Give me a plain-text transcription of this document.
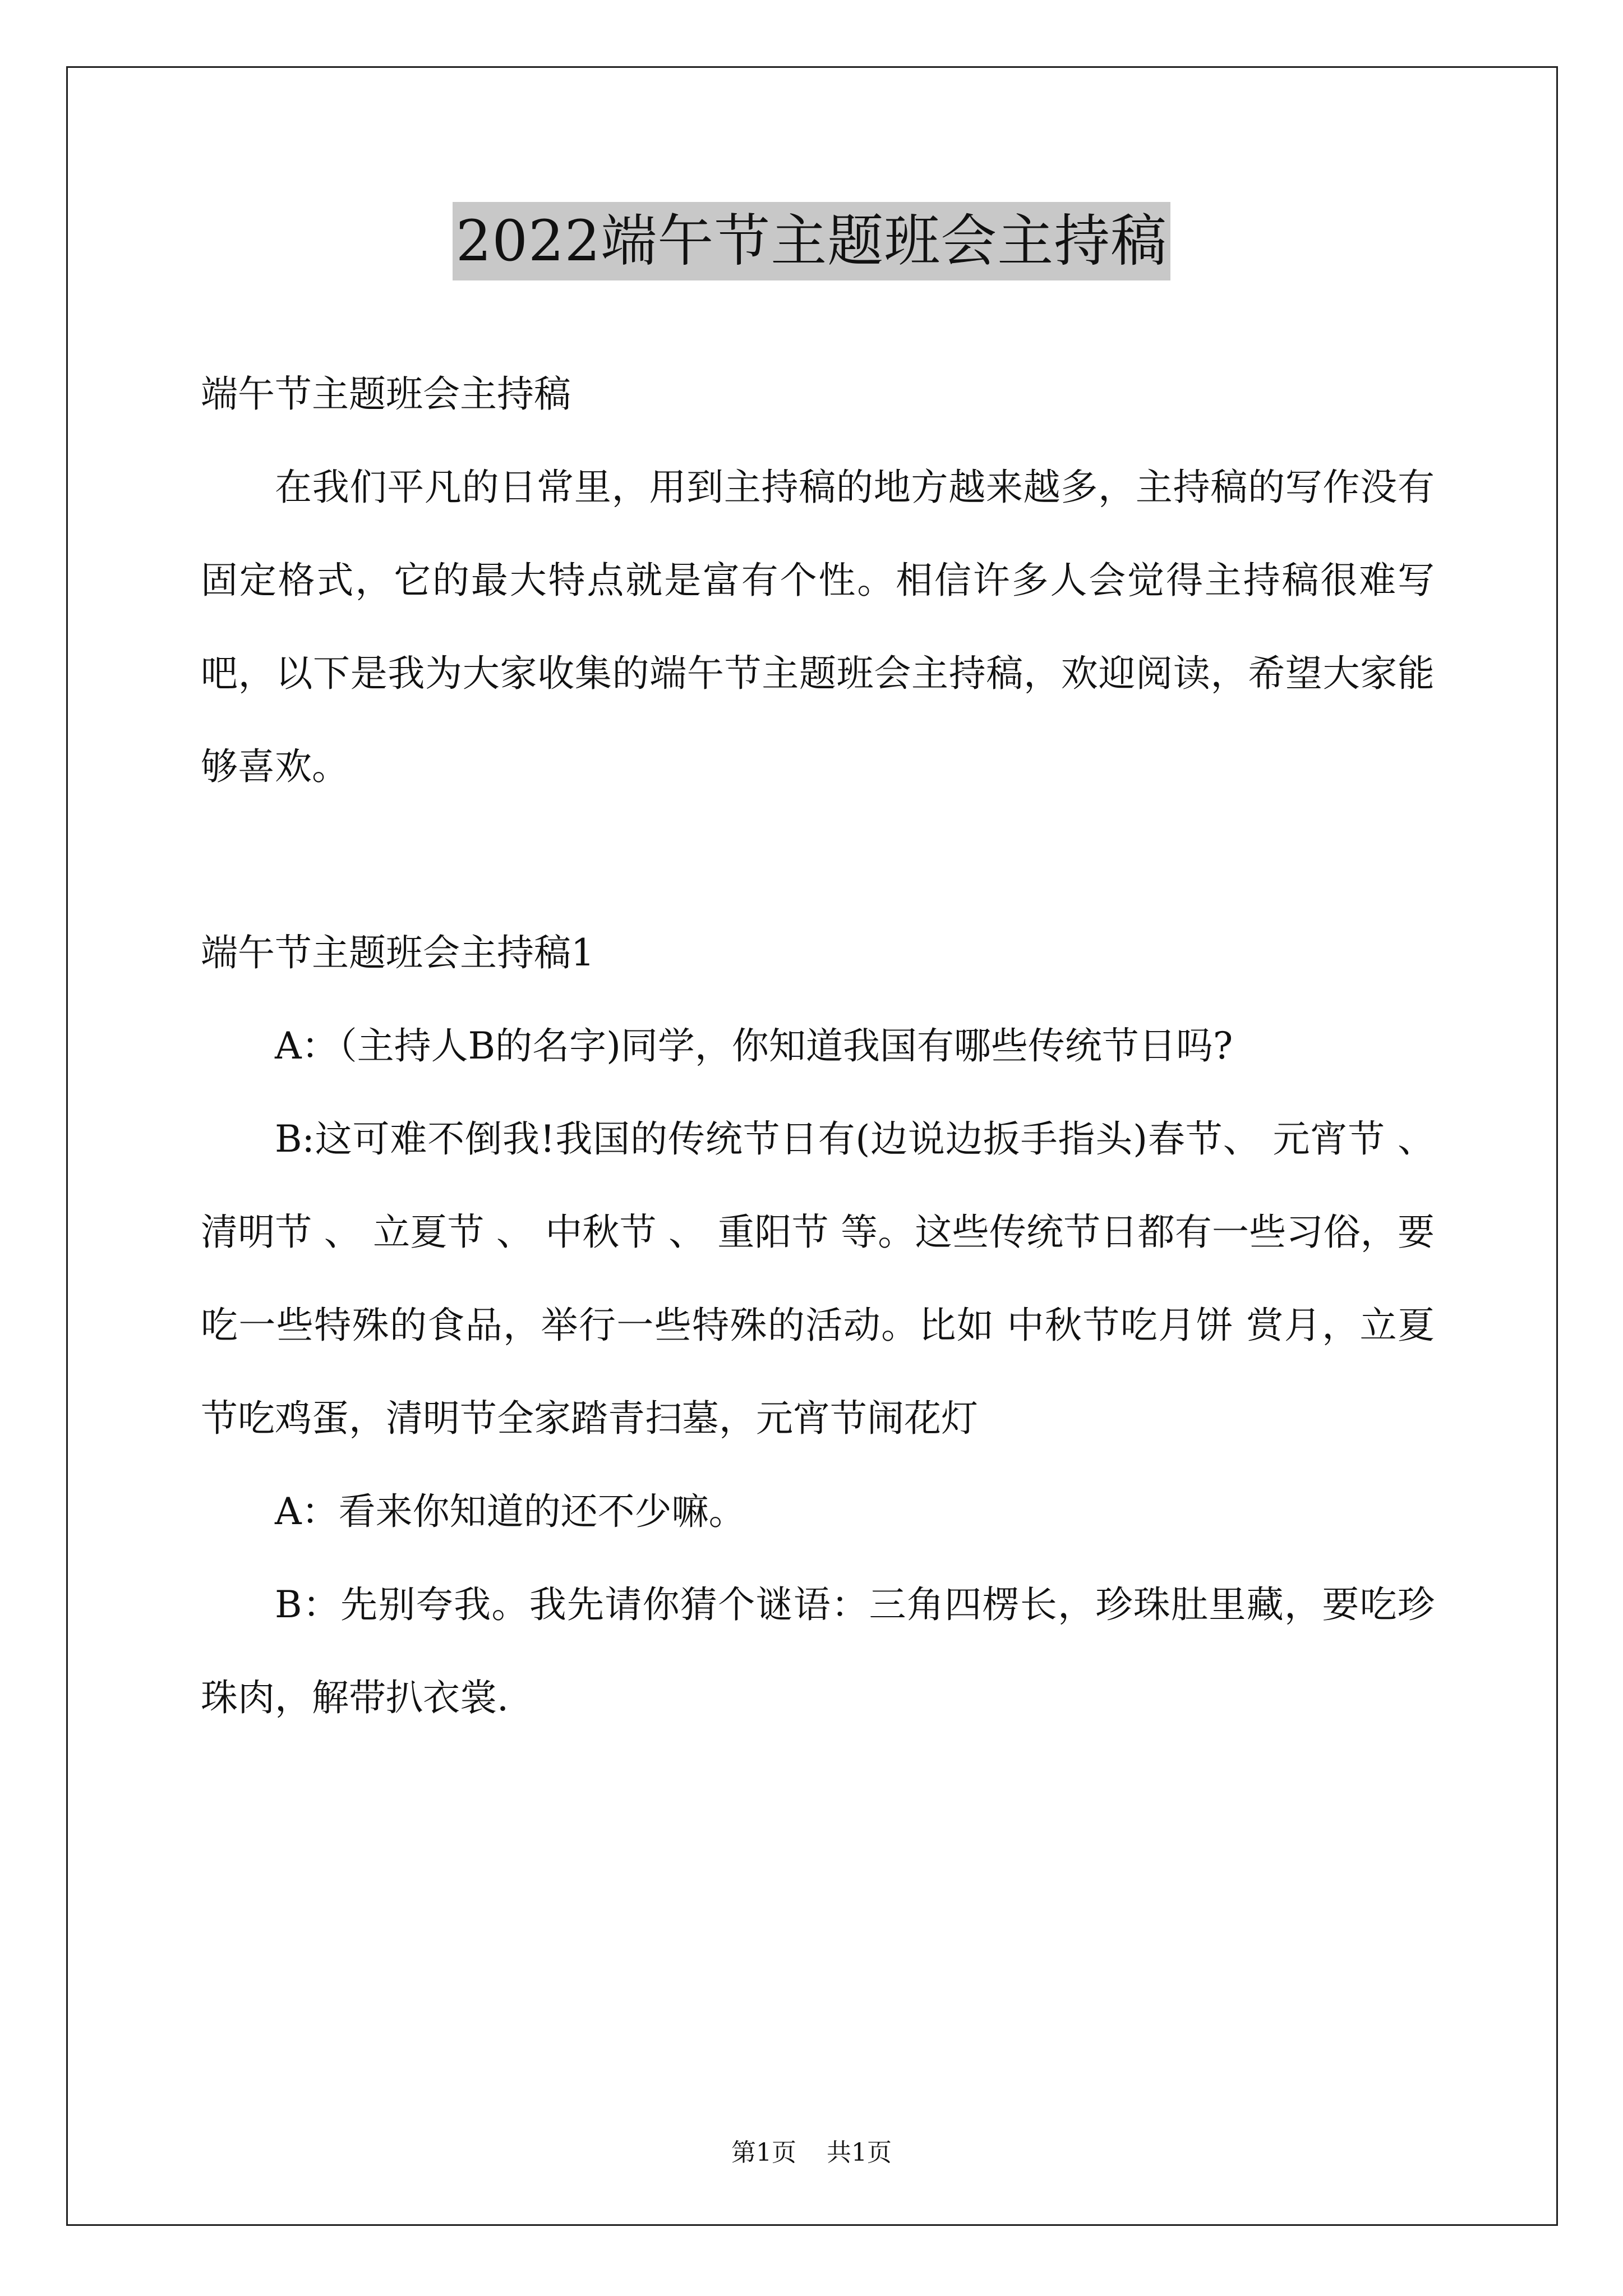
2022端午节主题班会主持稿

端午节主题班会主持稿

在我们平凡的日常里，用到主持稿的地方越来越多，主持稿的写作没有固定格式，它的最大特点就是富有个性。相信许多人会觉得主持稿很难写吧，以下是我为大家收集的端午节主题班会主持稿，欢迎阅读，希望大家能够喜欢。

端午节主题班会主持稿1

A：（主持人B的名字)同学，你知道我国有哪些传统节日吗?

B:这可难不倒我!我国的传统节日有(边说边扳手指头)春节、 元宵节 、 清明节 、 立夏节 、 中秋节 、 重阳节 等。这些传统节日都有一些习俗，要吃一些特殊的食品，举行一些特殊的活动。比如 中秋节吃月饼 赏月，立夏节吃鸡蛋，清明节全家踏青扫墓，元宵节闹花灯

A：看来你知道的还不少嘛。

B：先别夸我。我先请你猜个谜语：三角四楞长，珍珠肚里藏，要吃珍珠肉，解带扒衣裳.

第1页 共1页
